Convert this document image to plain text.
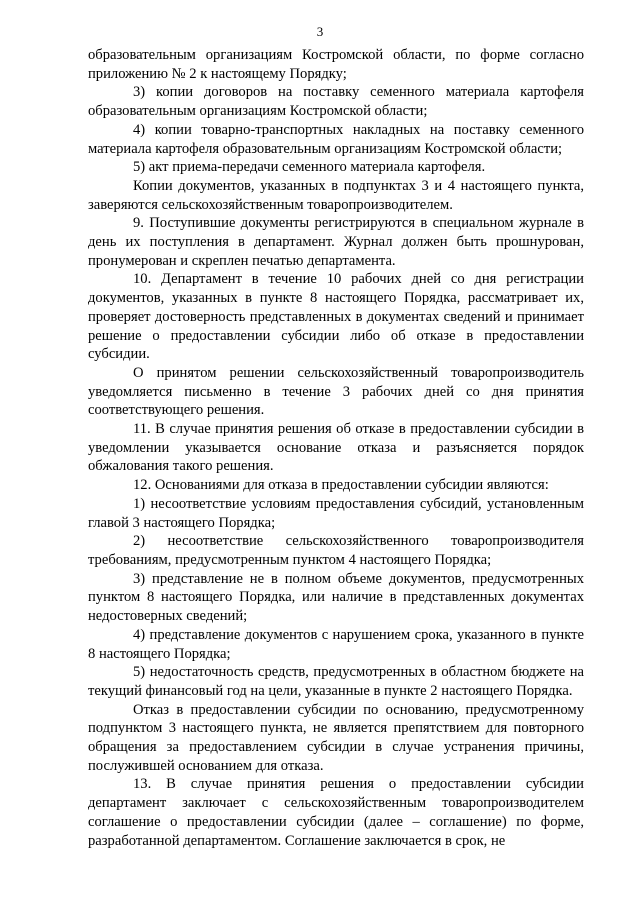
3

образовательным организациям Костромской области, по форме согласно приложению № 2 к настоящему Порядку;

3) копии договоров на поставку семенного материала картофеля образовательным организациям Костромской области;

4) копии товарно-транспортных накладных на поставку семенного материала картофеля образовательным организациям Костромской области;

5) акт приема-передачи семенного материала картофеля.

Копии документов, указанных в подпунктах 3 и 4 настоящего пункта, заверяются сельскохозяйственным товаропроизводителем.

9. Поступившие документы регистрируются в специальном журнале в день их поступления в департамент. Журнал должен быть прошнурован, пронумерован и скреплен печатью департамента.

10. Департамент в течение 10 рабочих дней со дня регистрации документов, указанных в пункте 8 настоящего Порядка, рассматривает их, проверяет достоверность представленных в документах сведений и принимает решение о предоставлении субсидии либо об отказе в предоставлении субсидии.

О принятом решении сельскохозяйственный товаропроизводитель уведомляется письменно в течение 3 рабочих дней со дня принятия соответствующего решения.

11. В случае принятия решения об отказе в предоставлении субсидии в уведомлении указывается основание отказа и разъясняется порядок обжалования такого решения.

12. Основаниями для отказа в предоставлении субсидии являются:

1) несоответствие условиям предоставления субсидий, установленным главой 3 настоящего Порядка;

2) несоответствие сельскохозяйственного товаропроизводителя требованиям, предусмотренным пунктом 4 настоящего Порядка;

3) представление не в полном объеме документов, предусмотренных пунктом 8 настоящего Порядка, или наличие в представленных документах недостоверных сведений;

4) представление документов с нарушением срока, указанного в пункте 8 настоящего Порядка;

5) недостаточность средств, предусмотренных в областном бюджете на текущий финансовый год на цели, указанные в пункте 2 настоящего Порядка.

Отказ в предоставлении субсидии по основанию, предусмотренному подпунктом 3 настоящего пункта, не является препятствием для повторного обращения за предоставлением субсидии в случае устранения причины, послужившей основанием для отказа.

13. В случае принятия решения о предоставлении субсидии департамент заключает с сельскохозяйственным товаропроизводителем соглашение о предоставлении субсидии (далее – соглашение) по форме, разработанной департаментом. Соглашение заключается в срок, не
